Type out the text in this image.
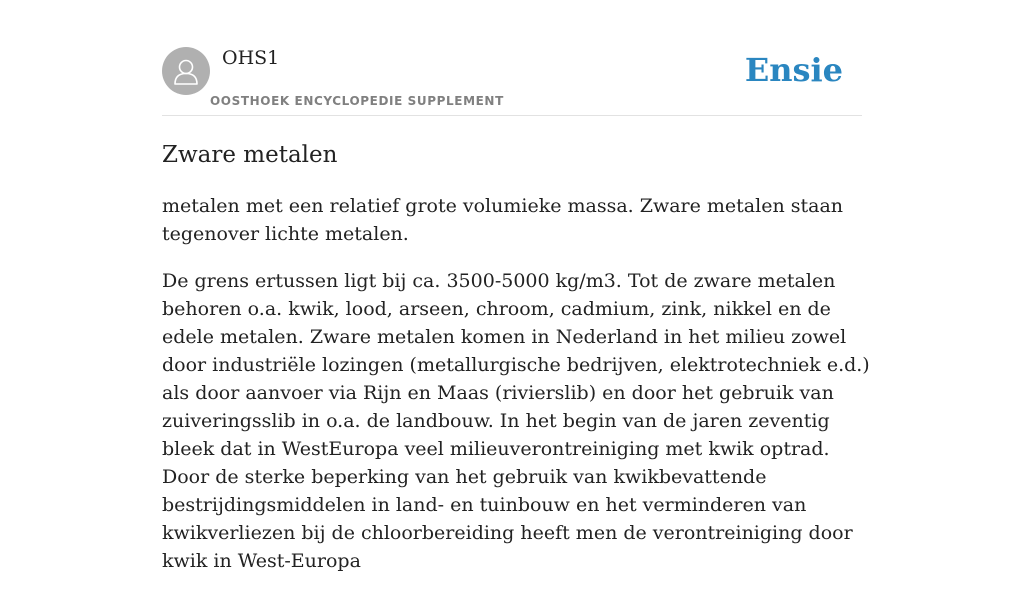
OHS1
OOSTHOEK ENCYCLOPEDIE SUPPLEMENT
Ensie
Zware metalen

metalen met een relatief grote volumieke massa. Zware metalen staan tegenover lichte metalen.

De grens ertussen ligt bij ca. 3500-5000 kg/m3. Tot de zware metalen behoren o.a. kwik, lood, arseen, chroom, cadmium, zink, nikkel en de edele metalen. Zware metalen komen in Nederland in het milieu zowel door industriële lozingen (metallurgische bedrijven, elektrotechniek e.d.) als door aanvoer via Rijn en Maas (rivierslib) en door het gebruik van zuiveringsslib in o.a. de landbouw. In het begin van de jaren zeventig bleek dat in WestEuropa veel milieuverontreiniging met kwik optrad. Door de sterke beperking van het gebruik van kwikbevattende bestrijdingsmiddelen in land- en tuinbouw en het verminderen van kwikverliezen bij de chloorbereiding heeft men de verontreiniging door kwik in West-Europa
